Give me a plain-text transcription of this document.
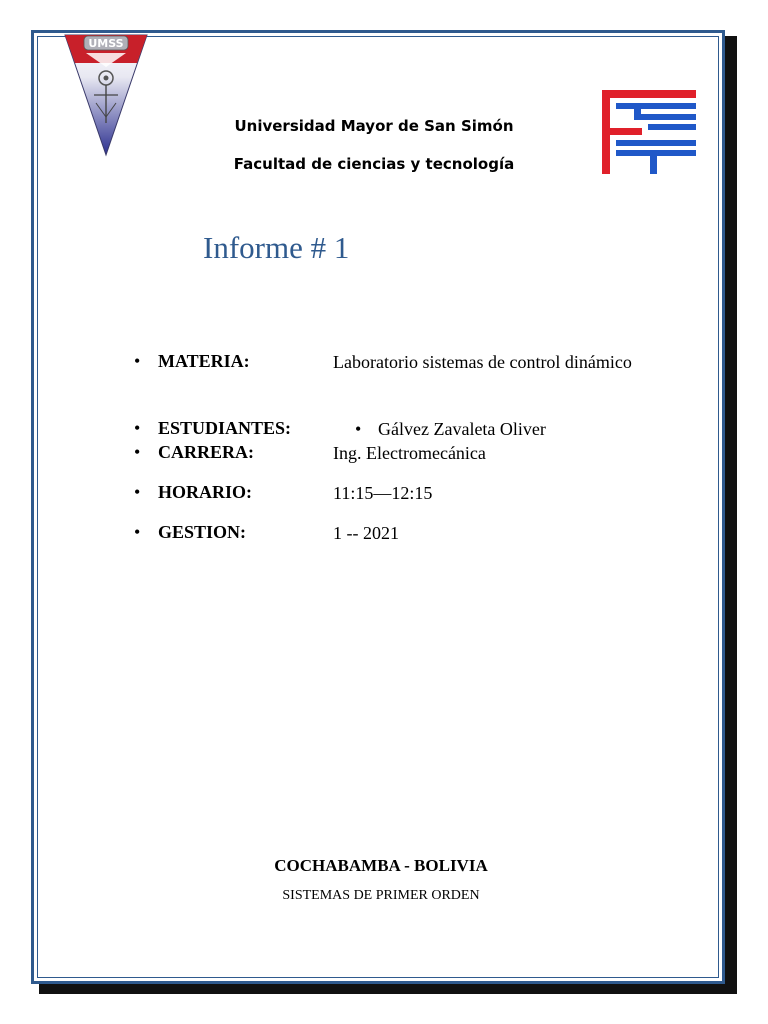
UMSS
Universidad Mayor de San Simón
Facultad de ciencias y tecnología
Informe # 1
• MATERIA:	Laboratorio sistemas de control dinámico
• ESTUDIANTES:
•	Gálvez Zavaleta Oliver
• CARRERA:	Ing. Electromecánica
• HORARIO:	11:15—12:15
• GESTION:	1 -- 2021
COCHABAMBA - BOLIVIA
SISTEMAS DE PRIMER ORDEN
